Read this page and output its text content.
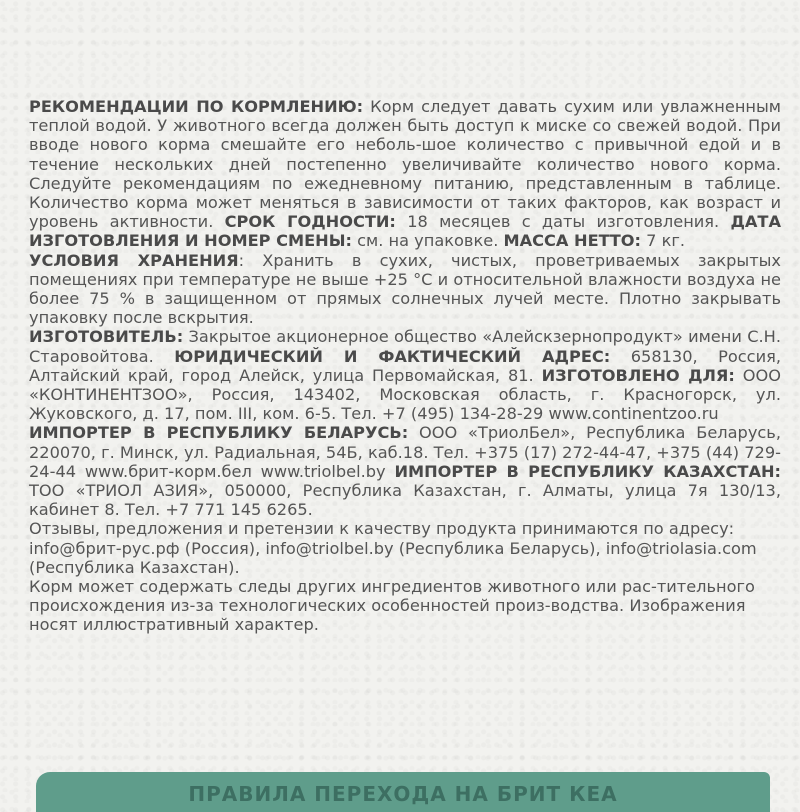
РЕКОМЕНДАЦИИ ПО КОРМЛЕНИЮ: Корм следует давать сухим или увлажненным теплой водой. У животного всегда должен быть доступ к миске со свежей водой. При вводе нового корма смешайте его неболь-шое количество с привычной едой и в течение нескольких дней постепенно увеличивайте количество нового корма. Следуйте рекомендациям по ежедневному питанию, представленным в таблице. Количество корма может меняться в зависимости от таких факторов, как возраст и уровень активности. СРОК ГОДНОСТИ: 18 месяцев с даты изготовления. ДАТА ИЗГОТОВЛЕНИЯ И НОМЕР СМЕНЫ: см. на упаковке. МАССА НЕТТО: 7 кг.
УСЛОВИЯ ХРАНЕНИЯ: Хранить в сухих, чистых, проветриваемых закрытых помещениях при температуре не выше +25 °С и относительной влажности воздуха не более 75 % в защищенном от прямых солнечных лучей месте. Плотно закрывать упаковку после вскрытия.

ИЗГОТОВИТЕЛЬ: Закрытое акционерное общество «Алейскзернопродукт» имени С.Н. Старовойтова. ЮРИДИЧЕСКИЙ И ФАКТИЧЕСКИЙ АДРЕС: 658130, Россия, Алтайский край, город Алейск, улица Первомайская, 81. ИЗГОТОВЛЕНО ДЛЯ: ООО «КОНТИНЕНТЗОО», Россия, 143402, Московская область, г. Красногорск, ул. Жуковского, д. 17, пом. III, ком. 6-5. Тел. +7 (495) 134-28-29 www.continentzoo.ru

ИМПОРТЕР В РЕСПУБЛИКУ БЕЛАРУСЬ: ООО «ТриолБел», Республика Беларусь, 220070, г. Минск, ул. Радиальная, 54Б, каб.18. Тел. +375 (17) 272-44-47, +375 (44) 729-24-44 www.брит-корм.бел www.triolbel.by ИМПОРТЕР В РЕСПУБЛИКУ КАЗАХСТАН: ТОО «ТРИОЛ АЗИЯ», 050000, Республика Казахстан, г. Алматы, улица 7я 130/13, кабинет 8. Тел. +7 771 145 6265.

Отзывы, предложения и претензии к качеству продукта принимаются по адресу: info@брит-рус.рф (Россия), info@triolbel.by (Республика Беларусь), info@triolasia.com (Республика Казахстан).

Корм может содержать следы других ингредиентов животного или рас-тительного происхождения из-за технологических особенностей произ-водства. Изображения носят иллюстративный характер.

ПРАВИЛА ПЕРЕХОДА НА БРИТ КЕА
